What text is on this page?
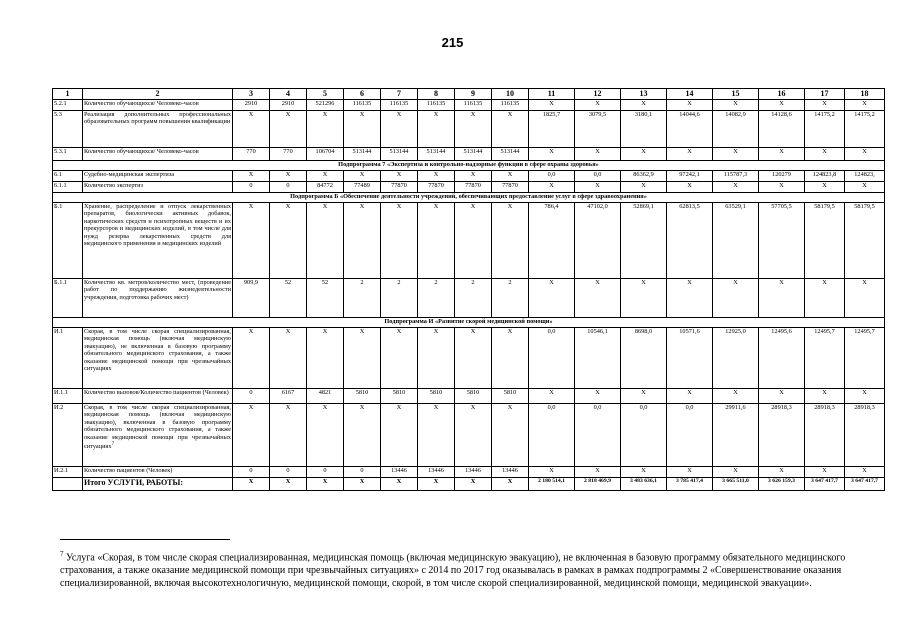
215
1	2	3	4	5	6	7	8	9	10	11	12	13	14	15	16	17	18
5.2.1	Количество обучающихся/ Человеко-часов	2910	2910	521296	116135	116135	116135	116135	116135	X	X	X	X	X	X	X	X
5.3	Реализация дополнительных профессиональных образовательных программ повышения квалификации	X	X	X	X	X	X	X	X	1825,7	3079,5	3180,1	14044,6	14082,9	14128,6	14175,2	14175,2
5.3.1	Количество обучающихся/ Человеко-часов	770	770	106704	513144	513144	513144	513144	513144	X	X	X	X	X	X	X	X
Подпрограмма 7 «Экспертиза и контрольно-надзорные функции в сфере охраны здоровья»																	
6.1	Судебно-медицинская экспертиза	X	X	X	X	X	X	X	X	0,0	0,0	86362,9	97242,1	115787,3	120279	124823,8	124823,
6.1.1	Количество экспертиз	0	0	84772	77489	77870	77870	77870	77870	X	X	X	X	X	X	X	X
Подпрограмма Б «Обеспечение деятельности учреждений, обеспечивающих предоставление услуг в сфере здравоохранения»																	
Б.1	Хранение, распределение и отпуск лекарственных препаратов, биологически активных добавок, наркотических средств и психотропных веществ и их прекурсоров и медицинских изделий, в том числе для нужд резерва лекарственных средств для медицинского применения и медицинских изделий	X	X	X	X	X	X	X	X	786,4	47102,0	52869,1	62813,5	63529,1	57705,5	58179,5	58179,5
Б.1.1	Количество кв. метров/количество мест, (проведение работ по поддержанию жизнедеятельности учреждения, подготовка рабочих мест)	909,9	52	52	2	2	2	2	2	X	X	X	X	X	X	X	X
Подпрограмма И «Развитие скорой медицинской помощи»																	
И.1	Скорая, в том числе скорая специализированная, медицинская помощь (включая медицинскую эвакуацию), не включенная в базовую программу обязательного медицинского страхования, а также оказание медицинской помощи при чрезвычайных ситуациях	X	X	X	X	X	X	X	X	0,0	10546,1	8698,0	10571,6	12925,0	12495,6	12495,7	12495,7
И.1.1	Количество вызовов/Количество пациентов (Человек)	0	6167	4821	5810	5810	5810	5810	5810	X	X	X	X	X	X	X	X
И.2	Скорая, в том числе скорая специализированная, медицинская помощь (включая медицинскую эвакуацию), включенная в базовую программу обязательного медицинского страхования, а также оказание медицинской помощи при чрезвычайных ситуациях$^7$	X	X	X	X	X	X	X	X	0,0	0,0	0,0	0,0	29911,6	28918,3	28918,3	28918,3
И.2.1	Количество пациентов (Человек)	0	0	0	0	13446	13446	13446	13446	X	X	X	X	X	X	X	X
	Итого УСЛУГИ, РАБОТЫ:	X	X	X	X	X	X	X	X	2 180 514,1	2 818 469,9	3 483 636,1	3 785 417,4	3 665 511,0	3 626 159,3	3 647 417,7	3 647 417,7
$^7$ Услуга «Скорая, в том числе скорая специализированная, медицинская помощь (включая медицинскую эвакуацию), не включенная в базовую программу обязательного медицинского страхования, а также оказание медицинской помощи при чрезвычайных ситуациях» с 2014 по 2017 год оказывалась в рамках в рамках подпрограммы 2 «Совершенствование оказания специализированной, включая высокотехнологичную, медицинской помощи, скорой, в том числе скорой специализированной, медицинской помощи, медицинской эвакуации».
